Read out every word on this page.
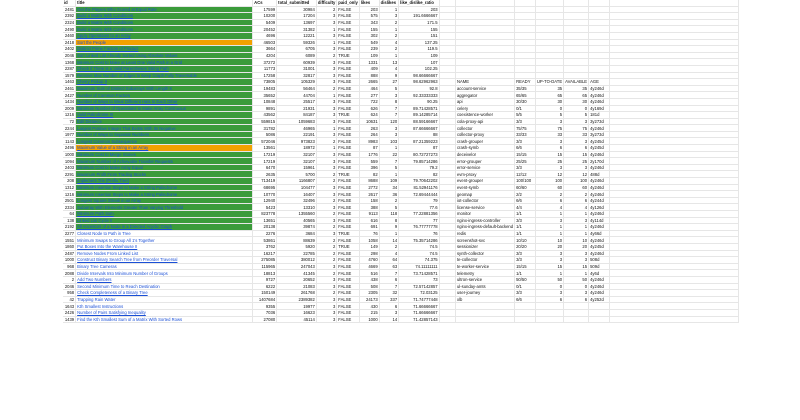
id	title	ACs	total_submitted	difficulty	paid_only	likes	dislikes	like_dislike_ratio							
2481	Get the Players Who Scored at Equal Rate	17599	30984	2	FALSE	203	1	203							
2392	Build a Matrix With Conditions	10200	17204	3	FALSE	575	3	191.6666667							
2324	Build a Matrix With Conditions	5409	13697	3	FALSE	343	2	171.5							
2490	Build a Matrix With Conditions	20452	31382	1	FALSE	155	1	155							
2460	Apply Operations to an Array	4696	12221	3	FALSE	302	2	151							
2418	Sort the People	46503	59326	1	FALSE	549	4	137.25							
2402	Distinct Prime Factors of Product	3664	6705	3	FALSE	239	2	119.5							
2046	Sort Linked List Already Sorted Using Absolute Values	4204	6089	2	TRUE	109	1	109							
1368	Minimum Cost to Make at Least One Valid Path in a Grid	37272	60939	3	FALSE	1331	13	107							
2287	Check if There is a Valid Parentheses String Path	11773	31001	3	FALSE	409	4	102.25							
1579	Remove Max Number of Edges to Keep Graph Fully Traversable	17258	32817	3	FALSE	888	9	98.66666667							
1463	Cherry Pickup II	73805	105329	3	FALSE	2665	27	98.62962963		NAME	READY	UP-TO-DATE	AVAILABLE	AGE	
2461	Maximum Sum of Distinct Subarrays With Length K	19483	56464	2	FALSE	464	5	92.8		account-service	35/35	35	35	4y246d	
2427	Number of Common Factors	35652	44704	1	FALSE	277	3	92.33333333		aggregator	65/65	65	65	4y246d	
1434	Number of Ways to Wear Different Hats to Each Other	10848	25517	3	FALSE	722	8	90.25		api	30/30	30	30	4y246d	
2009	Minimum Number of Operations to Make Array Continuous	9891	21931	3	FALSE	626	7	89.71428571		celery	0/1	0	0	4y169d	
1216	Valid Palindrome III	43562	84187	3	TRUE	624	7	89.14285714		coexistence-worker	5/5	5	5	181d	
72	Edit Distance	559815	1059683	3	FALSE	10631	120	88.59166667		cola-proxy-api	3/3	3	3	3y273d	
2244	Largest Positive Integer That Exists With Its Negative	31782	46965	1	FALSE	263	3	87.66666667		collector	75/75	75	75	4y246d	
1977	Number of Ways to Separate Numbers	5086	22191	3	FALSE	264	3	88		collector-proxy	33/33	33	33	3y273d	
1143	Longest Common Subsequence	572046	973823	2	FALSE	8983	103	87.21359223		crash-grouper	3/3	3	3	4y245d	
2496	Maximum Value of a String in an Array	13561	18972	1	FALSE	87	1	87		crash-symb	6/6	6	6	4y245d	
1000	Minimum Cost to Merge Stones	17219	32107	3	FALSE	1776	22	80.72727273		deceivelor	15/15	15	15	4y246d	
1094	Maximum Number of Achievable Transfer Requests	17219	32107	3	FALSE	559	7	79.85714286		error-grouper	25/25	25	25	2y170d	
2403	Minimum Cost to Make Array Equal	6470	15961	3	FALSE	396	5	79.2		error-service	3/3	3	3	4y246d	
2291	Maximum Profit From Trading Stocks	2635	5700	2	TRUE	82	1	82		evm-proxy	12/12	12	12	488d	
208	Implement Trie (Prefix Tree)	713419	1166807	2	FALSE	8688	109	79.70642202		event-grouper	100/100	100	100	4y246d	
1312	Minimum Insertion Steps to Make a String Palindrome	68695	104477	3	FALSE	2772	34	81.52941176		event-symb	60/60	60	60	4y246d	
1216	Minimum Insertion Steps to Make a String Palindrome	10770	16407	3	FALSE	2617	36	72.69444444		geomap	2/2	2	2	4y246d	
2501	Longest Square Streak in an Array	12940	32496	2	FALSE	158	2	79		iot-collector	6/6	6	6	4y244d	
2334	Subarray With Elements Greater Than Varying Threshold	5423	13310	3	FALSE	388	5	77.6		license-service	4/4	4	4	4y126d	
64	Minimum Path Sum	823778	1355560	2	FALSE	9113	118	77.22881356		monitor	1/1	1	1	4y246d	
138	Linked List Cycle II	13651	40565	3	FALSE	616	8	77		nginx-ingress-controller	3/3	3	3	4y114d	
2192	All Ancestors of a Node in a Directed Acyclic Graph	20138	39874	2	FALSE	691	9	76.77777778		nginx-ingress-default-backend	1/1	1	1	4y246d	
2277	Closest Node to Path in Tree	2276	3684	3	TRUE	76	1	76		redis	1/1	1	1	4y66d	
1551	Minimum Swaps to Group All 1's Together	53861	88639	2	FALSE	1058	14	75.35714286		screenshot-svc	10/10	10	10	4y246d	
1860	Put Boxes Into the Warehouse II	3762	5920	2	TRUE	149	2	74.5		sessionizer	20/20	20	20	4y245d	
2487	Remove Nodes From Linked List	16217	22785	2	FALSE	298	4	74.5		synth-collector	3/3	3	3	4y246d	
1000	Construct Binary Search Tree from Preorder Traversal	275085	380012	2	FALSE	4760	64	74.375		te-collector	3/3	3	3	508d	
968	Binary Tree Cameras	115965	247043	3	FALSE	4669	63	74.11111111		te-worker-service	15/15	15	15	509d	
2088	Divide Intervals Into Minimum Number of Groups	18813	41345	2	FALSE	516	7	73.71428571		telemetry	1/1	1	1	4y6d	
2	Add Two Numbers	9727	20652	3	FALSE	438	6	73		ultron-service	50/50	50	50	4y246d	
2046	Second Minimum Time to Reach Destination	6222	21083	3	FALSE	508	7	72.57142857		ul-sunday-amts	0/1	0	0	4y246d	
958	Check Completeness of a Binary Tree	150149	261768	2	FALSE	2305	32	72.03125		user-journey	3/3	3	3	4y246d	
42	Trapping Rain Water	1407684	2389382	3	FALSE	24173	337	71.74777448		xlb	6/6	6	6	4y252d	
1643	Kth Smallest Instructions	9355	19977	3	FALSE	430	6	71.66666667							
2426	Number of Pairs Satisfying Inequality	7036	16623	3	FALSE	215	3	71.66666667							
1439	Find the Kth Smallest Sum of a Matrix With Sorted Rows	27080	45114	3	FALSE	1000	14	71.42857143							
